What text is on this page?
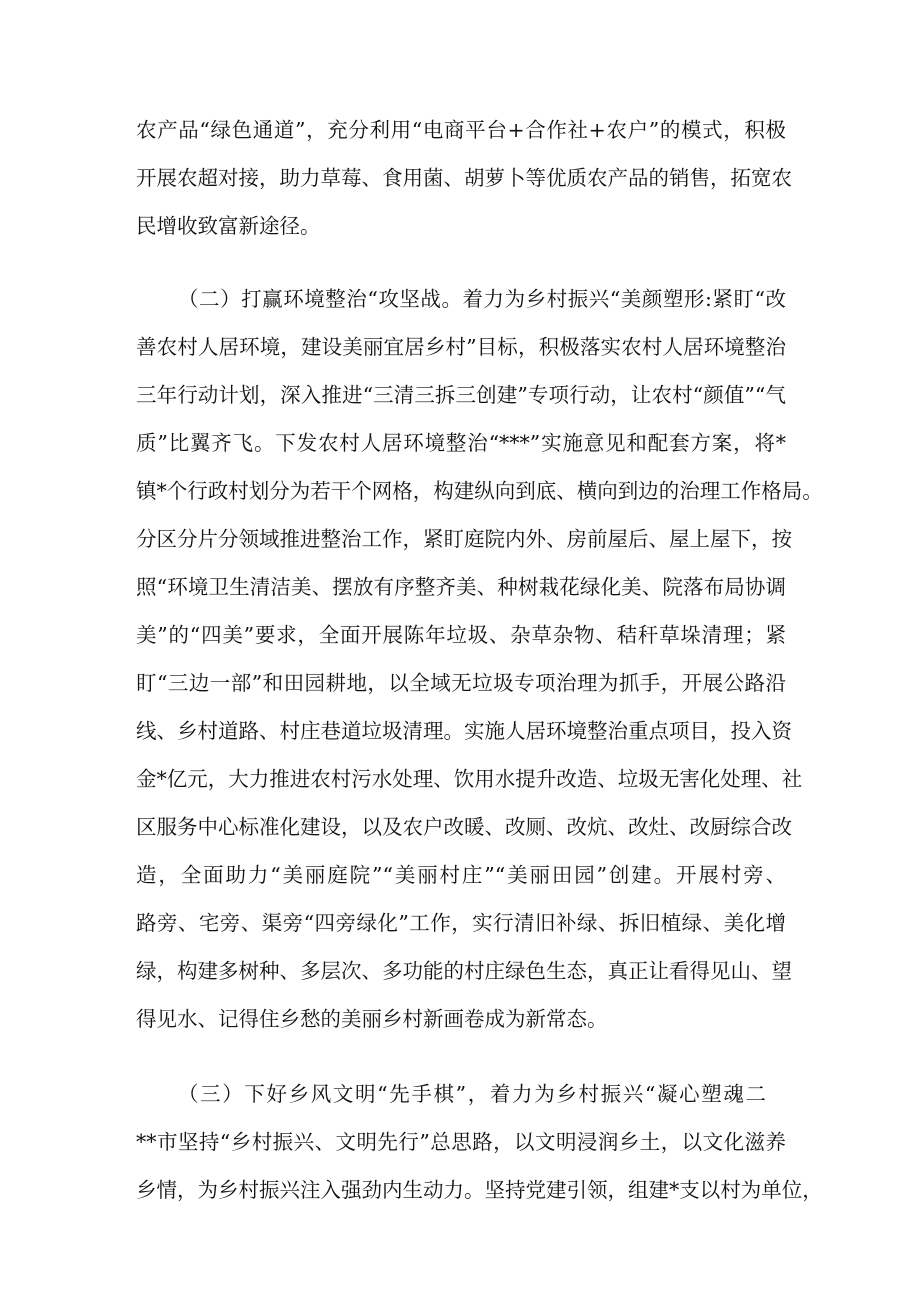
农产品“绿色通道”，充分利用“电商平台+合作社+农户”的模式，积极
开展农超对接，助力草莓、食用菌、胡萝卜等优质农产品的销售，拓宽农
民增收致富新途径。
（二）打赢环境整治“攻坚战。着力为乡村振兴“美颜塑形:紧盯“改
善农村人居环境，建设美丽宜居乡村”目标，积极落实农村人居环境整治
三年行动计划，深入推进“三清三拆三创建”专项行动，让农村“颜值”“气
质”比翼齐飞。下发农村人居环境整治“***”实施意见和配套方案，将*
镇*个行政村划分为若干个网格，构建纵向到底、横向到边的治理工作格局。
分区分片分领域推进整治工作，紧盯庭院内外、房前屋后、屋上屋下，按
照“环境卫生清洁美、摆放有序整齐美、种树栽花绿化美、院落布局协调
美”的“四美”要求，全面开展陈年垃圾、杂草杂物、秸秆草垛清理；紧
盯“三边一部”和田园耕地，以全域无垃圾专项治理为抓手，开展公路沿
线、乡村道路、村庄巷道垃圾清理。实施人居环境整治重点项目，投入资
金*亿元，大力推进农村污水处理、饮用水提升改造、垃圾无害化处理、社
区服务中心标准化建设，以及农户改暖、改厕、改炕、改灶、改厨综合改
造，全面助力“美丽庭院”“美丽村庄”“美丽田园”创建。开展村旁、
路旁、宅旁、渠旁“四旁绿化”工作，实行清旧补绿、拆旧植绿、美化增
绿，构建多树种、多层次、多功能的村庄绿色生态，真正让看得见山、望
得见水、记得住乡愁的美丽乡村新画卷成为新常态。
（三）下好乡风文明“先手棋”，着力为乡村振兴“凝心塑魂二
**市坚持“乡村振兴、文明先行”总思路，以文明浸润乡土，以文化滋养
乡情，为乡村振兴注入强劲内生动力。坚持党建引领，组建*支以村为单位，
